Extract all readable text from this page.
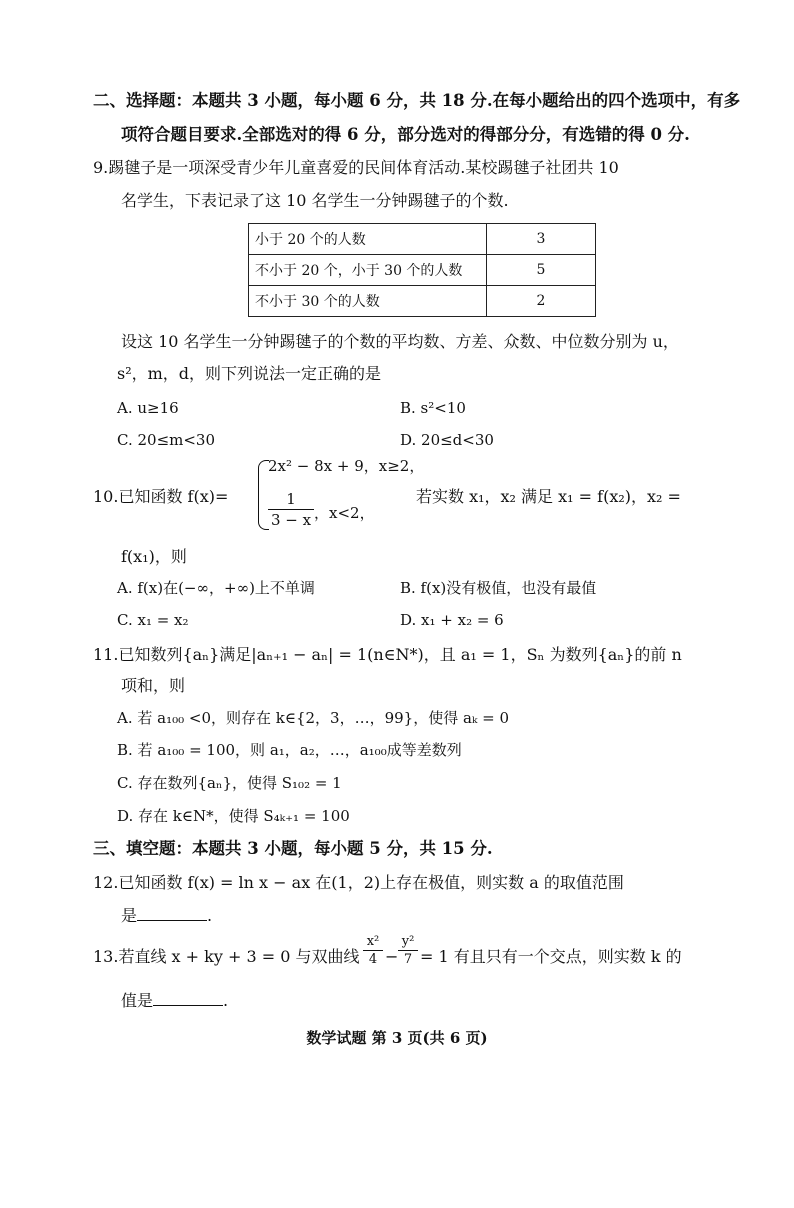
二、选择题：本题共 3 小题，每小题 6 分，共 18 分.在每小题给出的四个选项中，有多
项符合题目要求.全部选对的得 6 分，部分选对的得部分分，有选错的得 0 分.
9.踢毽子是一项深受青少年儿童喜爱的民间体育活动.某校踢毽子社团共 10
名学生，下表记录了这 10 名学生一分钟踢毽子的个数.
小于 20 个的人数	3
不小于 20 个，小于 30 个的人数	5
不小于 30 个的人数	2
设这 10 名学生一分钟踢毽子的个数的平均数、方差、众数、中位数分别为 u，
s²，m，d，则下列说法一定正确的是
A. u≥16	B. s²<10
C. 20≤m<30	D. 20≤d<30
10.已知函数 f(x)=
2x² − 8x + 9，x≥2，
1
3 − x ，x<2，
若实数 x₁，x₂ 满足 x₁ = f(x₂)，x₂ =
f(x₁)，则
A. f(x)在(−∞，+∞)上不单调	B. f(x)没有极值，也没有最值
C. x₁ = x₂	D. x₁ + x₂ = 6
11.已知数列{aₙ}满足|aₙ₊₁ − aₙ| = 1(n∈N*)，且 a₁ = 1，Sₙ 为数列{aₙ}的前 n
项和，则
A. 若 a₁₀₀ <0，则存在 k∈{2，3，…，99}，使得 aₖ = 0
B. 若 a₁₀₀ = 100，则 a₁，a₂，…，a₁₀₀成等差数列
C. 存在数列{aₙ}，使得 S₁₀₂ = 1
D. 存在 k∈N*，使得 S₄ₖ₊₁ = 100
三、填空题：本题共 3 小题，每小题 5 分，共 15 分.
12.已知函数 f(x) = ln x − ax 在(1，2)上存在极值，则实数 a 的取值范围
是	.
13.若直线 x + ky + 3 = 0 与双曲线
x²
4 −
y²
7 = 1 有且只有一个交点，则实数 k 的
值是	.
数学试题 第 3 页(共 6 页)
